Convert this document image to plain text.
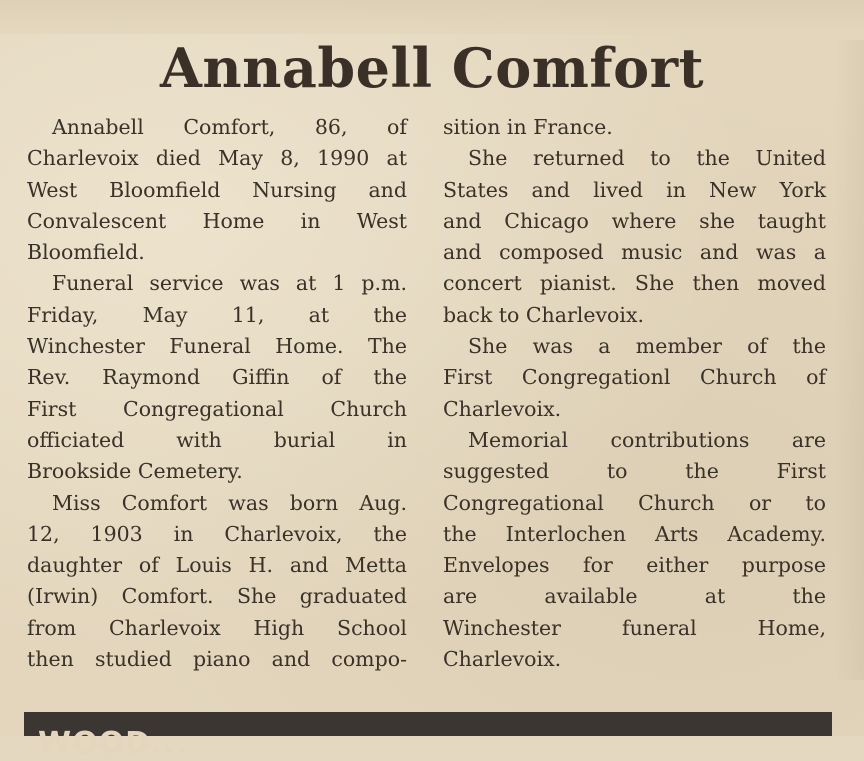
Annabell Comfort
Annabell Comfort, 86, of
Charlevoix died May 8, 1990 at
West Bloomfield Nursing and
Convalescent Home in West
Bloomfield.
Funeral service was at 1 p.m.
Friday, May 11, at the
Winchester Funeral Home. The
Rev. Raymond Giffin of the
First Congregational Church
officiated with burial in
Brookside Cemetery.
Miss Comfort was born Aug.
12, 1903 in Charlevoix, the
daughter of Louis H. and Metta
(Irwin) Comfort. She graduated
from Charlevoix High School
then studied piano and compo-
sition in France.
She returned to the United
States and lived in New York
and Chicago where she taught
and composed music and was a
concert pianist. She then moved
back to Charlevoix.
She was a member of the
First Congregationl Church of
Charlevoix.
Memorial contributions are
suggested to the First
Congregational Church or to
the Interlochen Arts Academy.
Envelopes for either purpose
are available at the
Winchester funeral Home,
Charlevoix.
WOOD...
